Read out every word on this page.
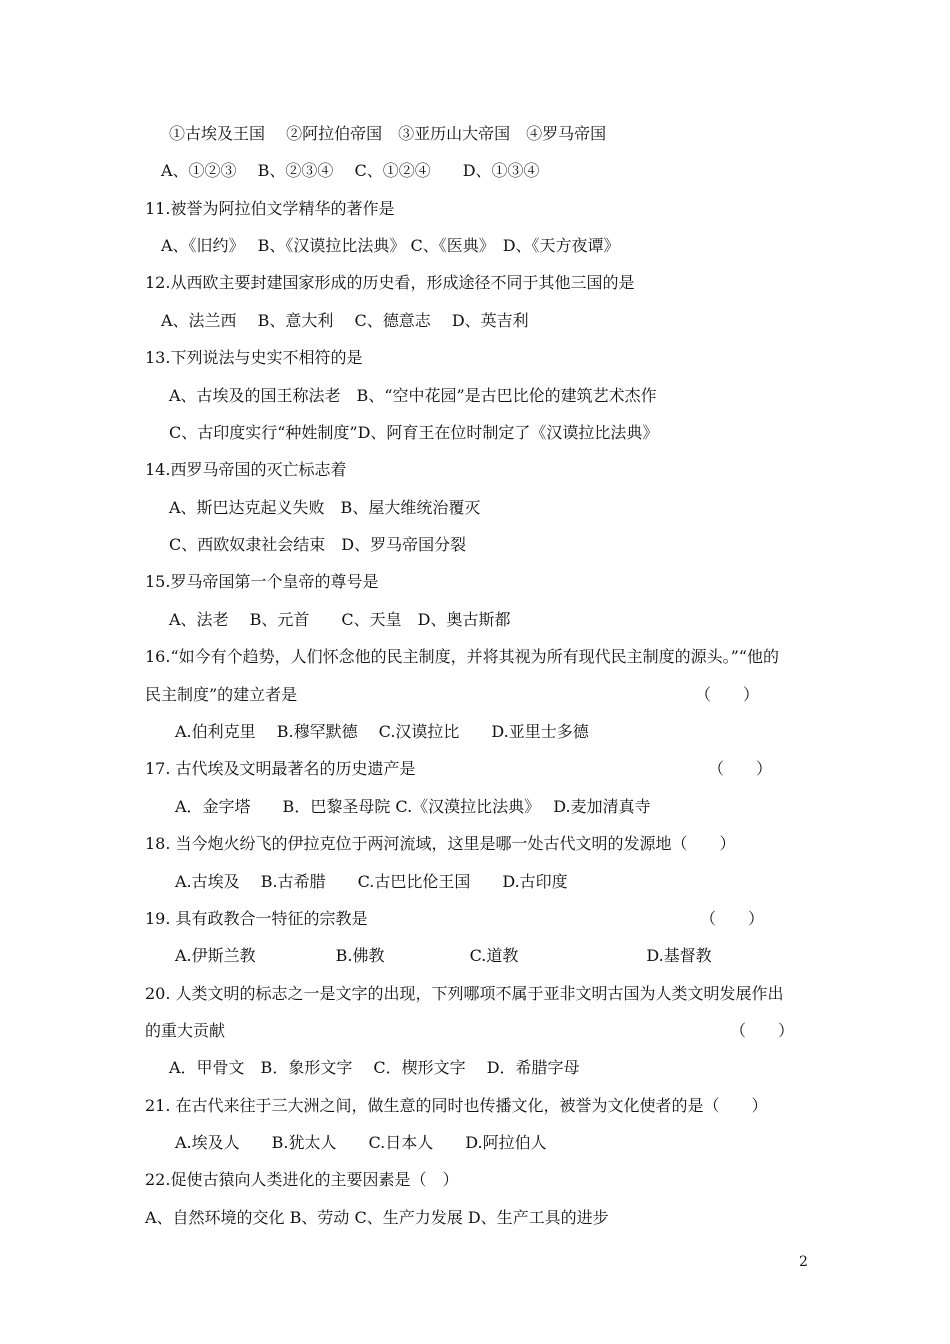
①古埃及王国　 ②阿拉伯帝国　③亚历山大帝国　④罗马帝国
A、①②③　 B、②③④　 C、①②④　　D、①③④
11.被誉为阿拉伯文学精华的著作是
A、《旧约》　 B、《汉谟拉比法典》 C、《医典》　D、《天方夜谭》
12.从西欧主要封建国家形成的历史看，形成途径不同于其他三国的是
A、法兰西　 B、意大利　 C、德意志　 D、英吉利
13.下列说法与史实不相符的是
A、古埃及的国王称法老　B、“空中花园”是古巴比伦的建筑艺术杰作
C、古印度实行“种姓制度”D、阿育王在位时制定了《汉谟拉比法典》
14.西罗马帝国的灭亡标志着
A、斯巴达克起义失败　B、屋大维统治覆灭
C、西欧奴隶社会结束　D、罗马帝国分裂
15.罗马帝国第一个皇帝的尊号是
A、法老　 B、元首　　C、天皇　D、奥古斯都
16.“如今有个趋势，人们怀念他的民主制度，并将其视为所有现代民主制度的源头。”“他的
民主制度”的建立者是	（　　）
A.伯利克里　 B.穆罕默德　 C.汉谟拉比　　D.亚里士多德
17. 古代埃及文明最著名的历史遗产是	（　　）
A．金字塔　　B．巴黎圣母院 C.《汉漠拉比法典》　 D.麦加清真寺
18. 当今炮火纷飞的伊拉克位于两河流域，这里是哪一处古代文明的发源地（　　）
A.古埃及　 B.古希腊　　C.古巴比伦王国　　D.古印度
19. 具有政教合一特征的宗教是	（　　）
A.伊斯兰教　　　　　B.佛教　　　　　 C.道教　　　　　　　　D.基督教
20. 人类文明的标志之一是文字的出现，下列哪项不属于亚非文明古国为人类文明发展作出
的重大贡献	（　　）
A．甲骨文　B．象形文字　 C．楔形文字　 D．希腊字母
21. 在古代来往于三大洲之间，做生意的同时也传播文化，被誉为文化使者的是（　　）
A.埃及人　　B.犹太人　　C.日本人　　D.阿拉伯人
22.促使古猿向人类进化的主要因素是（　）
A、自然环境的交化 B、劳动 C、生产力发展 D、生产工具的进步
2
